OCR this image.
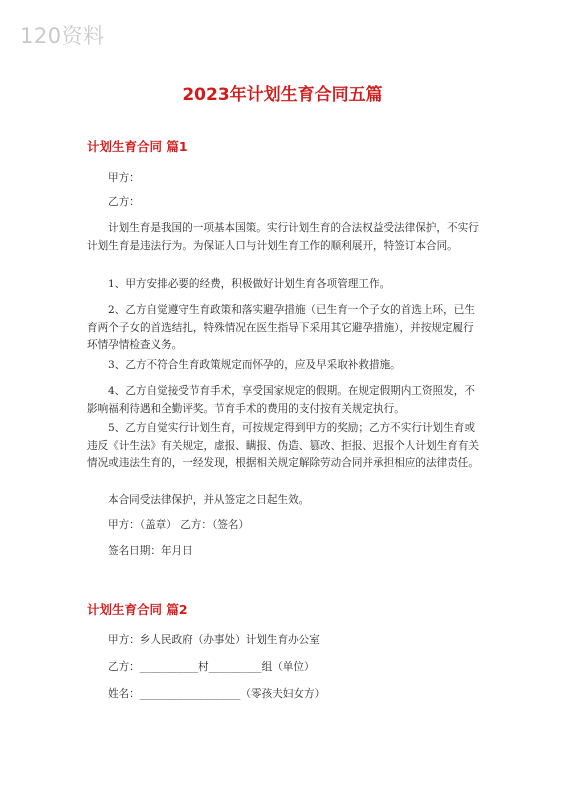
120资料
2023年计划生育合同五篇
计划生育合同 篇1

甲方：

乙方：

计划生育是我国的一项基本国策。实行计划生育的合法权益受法律保护，不实行计划生育是违法行为。为保证人口与计划生育工作的顺利展开，特签订本合同。

1、甲方安排必要的经费，积极做好计划生育各项管理工作。

2、乙方自觉遵守生育政策和落实避孕措施（已生育一个子女的首选上环，已生育两个子女的首选结扎，特殊情况在医生指导下采用其它避孕措施），并按规定履行环情孕情检查义务。

3、乙方不符合生育政策规定而怀孕的，应及早采取补救措施。

4、乙方自觉接受节育手术，享受国家规定的假期。在规定假期内工资照发，不影响福利待遇和全勤评奖。节育手术的费用的支付按有关规定执行。

5、乙方自觉实行计划生育，可按规定得到甲方的奖励；乙方不实行计划生育或违反《计生法》有关规定，虚报、瞒报、伪造、篡改、拒报、迟报个人计划生育有关情况或违法生育的，一经发现，根据相关规定解除劳动合同并承担相应的法律责任。

本合同受法律保护，并从签定之日起生效。

甲方：（盖章） 乙方：（签名）

签名日期：年月日

计划生育合同 篇2

甲方：乡人民政府（办事处）计划生育办公室

乙方：___________村__________组（单位）

姓名：___________________（零孩夫妇女方）
